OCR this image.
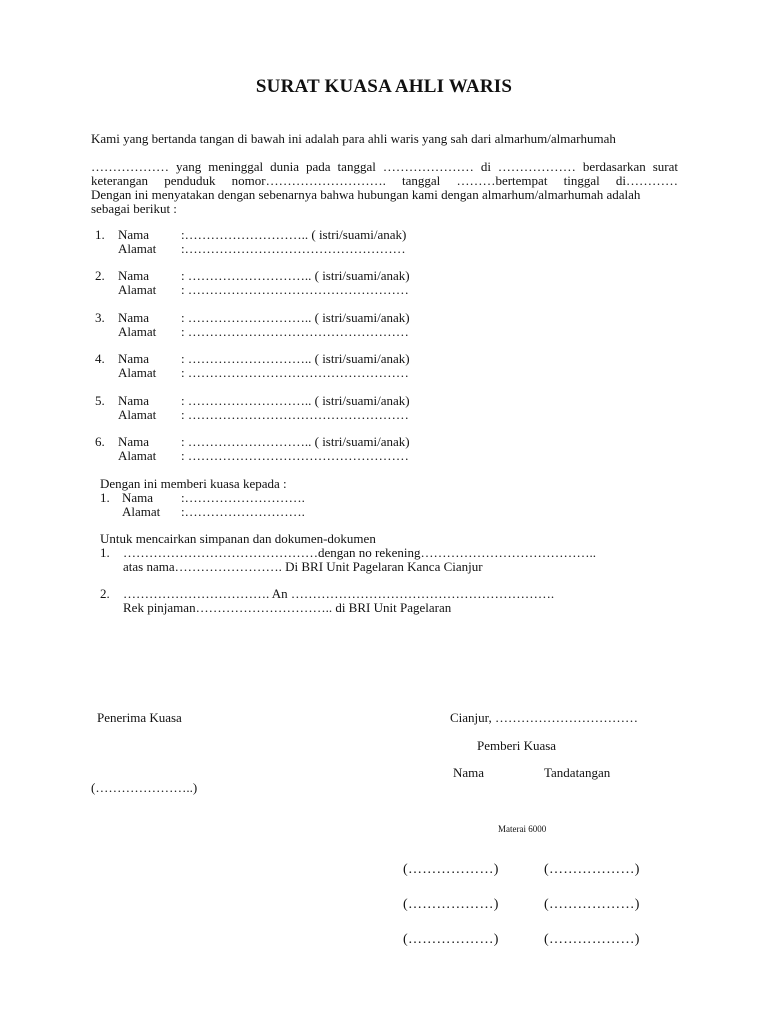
SURAT KUASA AHLI WARIS
Kami yang bertanda tangan di bawah ini adalah para ahli waris yang sah dari almarhum/almarhumah
……………… yang meninggal dunia pada tanggal ………………… di ……………… berdasarkan surat
keterangan penduduk nomor………………………. tanggal ………bertempat tinggal di…………
Dengan ini menyatakan dengan sebenarnya bahwa hubungan kami dengan almarhum/almarhumah adalah
sebagai berikut :
1. Nama :……………………….. ( istri/suami/anak)
Alamat :……………………………………………
2. Nama : ……………………….. ( istri/suami/anak)
Alamat : ……………………………………………
3. Nama : ……………………….. ( istri/suami/anak)
Alamat : ……………………………………………
4. Nama : ……………………….. ( istri/suami/anak)
Alamat : ……………………………………………
5. Nama : ……………………….. ( istri/suami/anak)
Alamat : ……………………………………………
6. Nama : ……………………….. ( istri/suami/anak)
Alamat : ……………………………………………
Dengan ini memberi kuasa kepada :
1. Nama :……………………….
Alamat :……………………….
Untuk mencairkan simpanan dan dokumen-dokumen
1. ………………………………………dengan no rekening…………………………………..
atas nama……………………. Di BRI Unit Pagelaran Kanca Cianjur
2. ……………………………. An …………………………………………………….
Rek pinjaman………………………….. di BRI Unit Pagelaran
Penerima Kuasa
(…………………..)
Cianjur, ……………………………
Pemberi Kuasa
Nama	Tandatangan
Materai 6000
(………………)	(………………)
(………………)	(………………)
(………………)	(………………)
